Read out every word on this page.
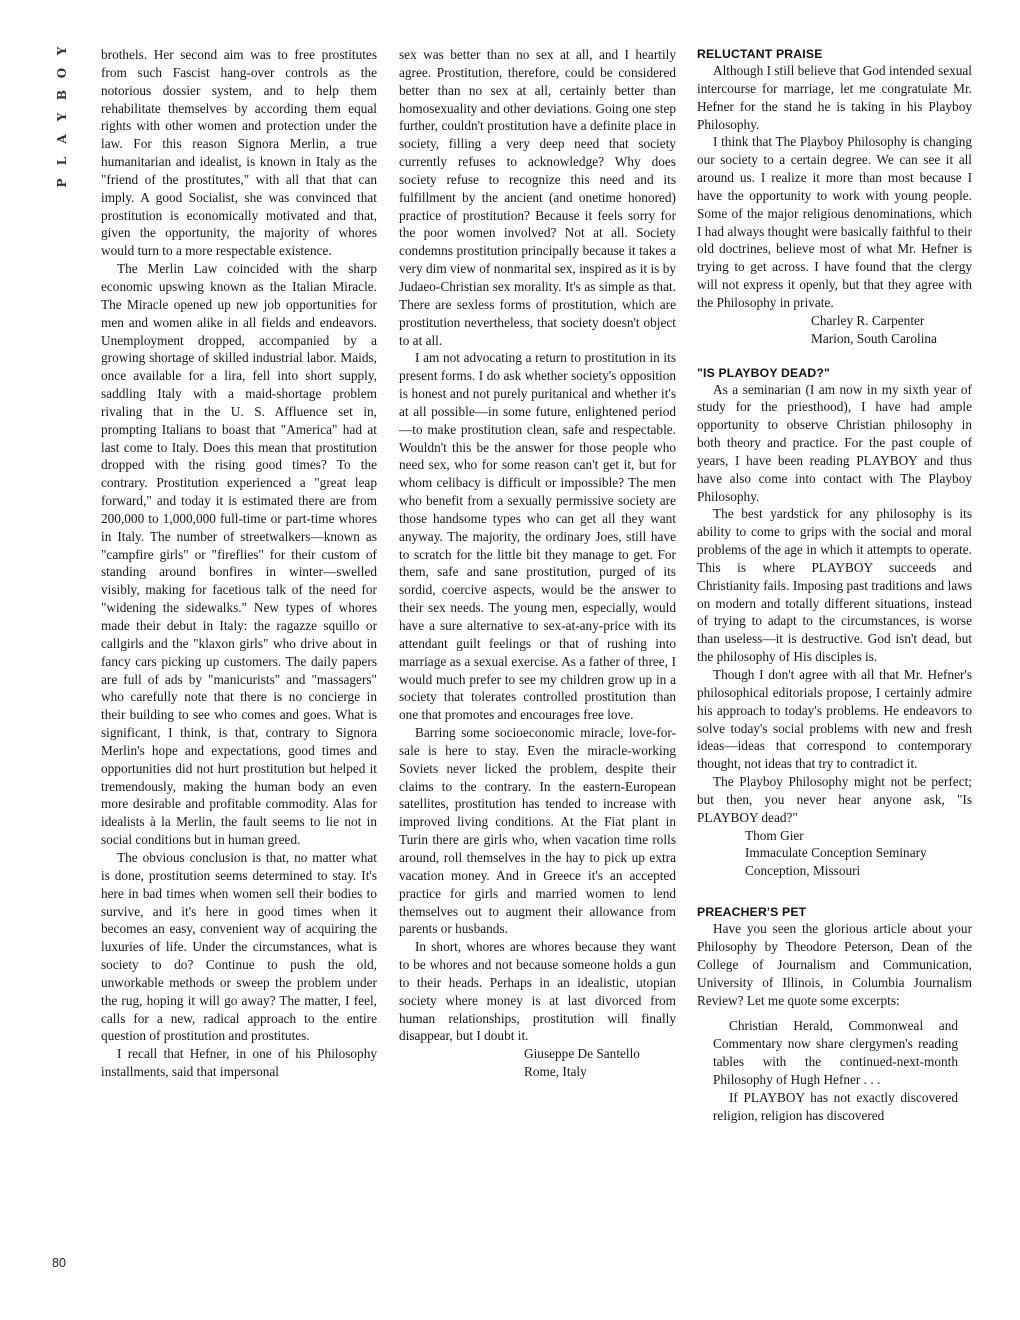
Y
O
B
Y
A
L
P

brothels. Her second aim was to free prostitutes from such Fascist hang-over controls as the notorious dossier system, and to help them rehabilitate themselves by according them equal rights with other women and protection under the law. For this reason Signora Merlin, a true humanitarian and idealist, is known in Italy as the "friend of the prostitutes," with all that that can imply. A good Socialist, she was convinced that prostitution is economically motivated and that, given the opportunity, the majority of whores would turn to a more respectable existence.

The Merlin Law coincided with the sharp economic upswing known as the Italian Miracle. The Miracle opened up new job opportunities for men and women alike in all fields and endeavors. Unemployment dropped, accompanied by a growing shortage of skilled industrial labor. Maids, once available for a lira, fell into short supply, saddling Italy with a maid-shortage problem rivaling that in the U. S. Affluence set in, prompting Italians to boast that "America" had at last come to Italy. Does this mean that prostitution dropped with the rising good times? To the contrary. Prostitution experienced a "great leap forward," and today it is estimated there are from 200,000 to 1,000,000 full-time or part-time whores in Italy. The number of streetwalkers—known as "campfire girls" or "fireflies" for their custom of standing around bonfires in winter—swelled visibly, making for facetious talk of the need for "widening the sidewalks." New types of whores made their debut in Italy: the ragazze squillo or callgirls and the "klaxon girls" who drive about in fancy cars picking up customers. The daily papers are full of ads by "manicurists" and "massagers" who carefully note that there is no concierge in their building to see who comes and goes. What is significant, I think, is that, contrary to Signora Merlin's hope and expectations, good times and opportunities did not hurt prostitution but helped it tremendously, making the human body an even more desirable and profitable commodity. Alas for idealists à la Merlin, the fault seems to lie not in social conditions but in human greed.

The obvious conclusion is that, no matter what is done, prostitution seems determined to stay. It's here in bad times when women sell their bodies to survive, and it's here in good times when it becomes an easy, convenient way of acquiring the luxuries of life. Under the circumstances, what is society to do? Continue to push the old, unworkable methods or sweep the problem under the rug, hoping it will go away? The matter, I feel, calls for a new, radical approach to the entire question of prostitution and prostitutes.

I recall that Hefner, in one of his Philosophy installments, said that impersonal

sex was better than no sex at all, and I heartily agree. Prostitution, therefore, could be considered better than no sex at all, certainly better than homosexuality and other deviations. Going one step further, couldn't prostitution have a definite place in society, filling a very deep need that society currently refuses to acknowledge? Why does society refuse to recognize this need and its fulfillment by the ancient (and onetime honored) practice of prostitution? Because it feels sorry for the poor women involved? Not at all. Society condemns prostitution principally because it takes a very dim view of nonmarital sex, inspired as it is by Judaeo-Christian sex morality. It's as simple as that. There are sexless forms of prostitution, which are prostitution nevertheless, that society doesn't object to at all.

I am not advocating a return to prostitution in its present forms. I do ask whether society's opposition is honest and not purely puritanical and whether it's at all possible—in some future, enlightened period—to make prostitution clean, safe and respectable. Wouldn't this be the answer for those people who need sex, who for some reason can't get it, but for whom celibacy is difficult or impossible? The men who benefit from a sexually permissive society are those handsome types who can get all they want anyway. The majority, the ordinary Joes, still have to scratch for the little bit they manage to get. For them, safe and sane prostitution, purged of its sordid, coercive aspects, would be the answer to their sex needs. The young men, especially, would have a sure alternative to sex-at-any-price with its attendant guilt feelings or that of rushing into marriage as a sexual exercise. As a father of three, I would much prefer to see my children grow up in a society that tolerates controlled prostitution than one that promotes and encourages free love.

Barring some socioeconomic miracle, love-for-sale is here to stay. Even the miracle-working Soviets never licked the problem, despite their claims to the contrary. In the eastern-European satellites, prostitution has tended to increase with improved living conditions. At the Fiat plant in Turin there are girls who, when vacation time rolls around, roll themselves in the hay to pick up extra vacation money. And in Greece it's an accepted practice for girls and married women to lend themselves out to augment their allowance from parents or husbands.

In short, whores are whores because they want to be whores and not because someone holds a gun to their heads. Perhaps in an idealistic, utopian society where money is at last divorced from human relationships, prostitution will finally disappear, but I doubt it.

Giuseppe De Santello
Rome, Italy

RELUCTANT PRAISE

Although I still believe that God intended sexual intercourse for marriage, let me congratulate Mr. Hefner for the stand he is taking in his Playboy Philosophy.

I think that The Playboy Philosophy is changing our society to a certain degree. We can see it all around us. I realize it more than most because I have the opportunity to work with young people. Some of the major religious denominations, which I had always thought were basically faithful to their old doctrines, believe most of what Mr. Hefner is trying to get across. I have found that the clergy will not express it openly, but that they agree with the Philosophy in private.

Charley R. Carpenter
Marion, South Carolina

"IS PLAYBOY DEAD?"

As a seminarian (I am now in my sixth year of study for the priesthood), I have had ample opportunity to observe Christian philosophy in both theory and practice. For the past couple of years, I have been reading PLAYBOY and thus have also come into contact with The Playboy Philosophy.

The best yardstick for any philosophy is its ability to come to grips with the social and moral problems of the age in which it attempts to operate. This is where PLAYBOY succeeds and Christianity fails. Imposing past traditions and laws on modern and totally different situations, instead of trying to adapt to the circumstances, is worse than useless—it is destructive. God isn't dead, but the philosophy of His disciples is.

Though I don't agree with all that Mr. Hefner's philosophical editorials propose, I certainly admire his approach to today's problems. He endeavors to solve today's social problems with new and fresh ideas—ideas that correspond to contemporary thought, not ideas that try to contradict it.

The Playboy Philosophy might not be perfect; but then, you never hear anyone ask, "Is PLAYBOY dead?"

Thom Gier
Immaculate Conception Seminary
Conception, Missouri

PREACHER'S PET

Have you seen the glorious article about your Philosophy by Theodore Peterson, Dean of the College of Journalism and Communication, University of Illinois, in Columbia Journalism Review? Let me quote some excerpts:

Christian Herald, Commonweal and Commentary now share clergymen's reading tables with the continued-next-month Philosophy of Hugh Hefner . . .

If PLAYBOY has not exactly discovered religion, religion has discovered

80
